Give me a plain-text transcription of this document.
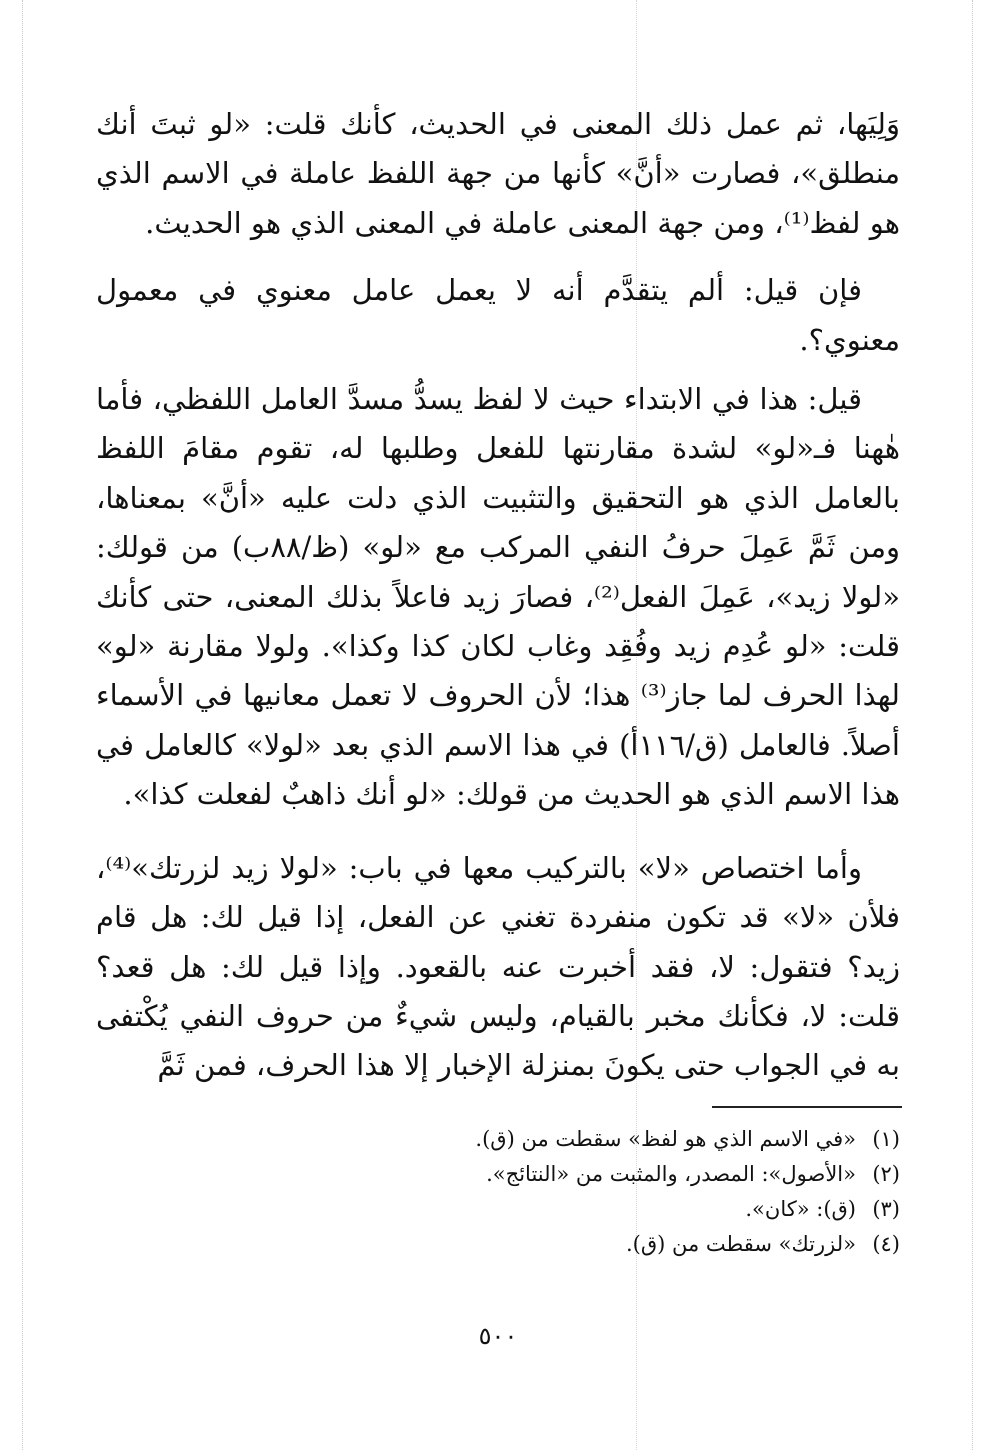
وَلِيَها، ثم عمل ذلك المعنى في الحديث، كأنك قلت: «لو ثبتَ أنك منطلق»، فصارت «أنَّ» كأنها من جهة اللفظ عاملة في الاسم الذي هو لفظ⁽¹⁾، ومن جهة المعنى عاملة في المعنى الذي هو الحديث.

فإن قيل: ألم يتقدَّم أنه لا يعمل عامل معنوي في معمول معنوي؟.

قيل: هذا في الابتداء حيث لا لفظ يسدُّ مسدَّ العامل اللفظي، فأما هٰهنا فـ«لو» لشدة مقارنتها للفعل وطلبها له، تقوم مقامَ اللفظ بالعامل الذي هو التحقيق والتثبيت الذي دلت عليه «أنَّ» بمعناها، ومن ثَمَّ عَمِلَ حرفُ النفي المركب مع «لو» (ظ/٨٨ب) من قولك: «لولا زيد»، عَمِلَ الفعل⁽²⁾، فصارَ زيد فاعلاً بذلك المعنى، حتى كأنك قلت: «لو عُدِم زيد وفُقِد وغاب لكان كذا وكذا». ولولا مقارنة «لو» لهذا الحرف لما جاز⁽³⁾ هذا؛ لأن الحروف لا تعمل معانيها في الأسماء أصلاً. فالعامل (ق/١١٦أ) في هذا الاسم الذي بعد «لولا» كالعامل في هذا الاسم الذي هو الحديث من قولك: «لو أنك ذاهبٌ لفعلت كذا».

وأما اختصاص «لا» بالتركيب معها في باب: «لولا زيد لزرتك»⁽⁴⁾، فلأن «لا» قد تكون منفردة تغني عن الفعل، إذا قيل لك: هل قام زيد؟ فتقول: لا، فقد أخبرت عنه بالقعود. وإذا قيل لك: هل قعد؟ قلت: لا، فكأنك مخبر بالقيام، وليس شيءٌ من حروف النفي يُكْتفى به في الجواب حتى يكونَ بمنزلة الإخبار إلا هذا الحرف، فمن ثَمَّ

(١)«في الاسم الذي هو لفظ» سقطت من (ق).

(٢)«الأصول»: المصدر، والمثبت من «النتائج».

(٣)(ق): «كان».

(٤)«لزرتك» سقطت من (ق).

٥٠٠
